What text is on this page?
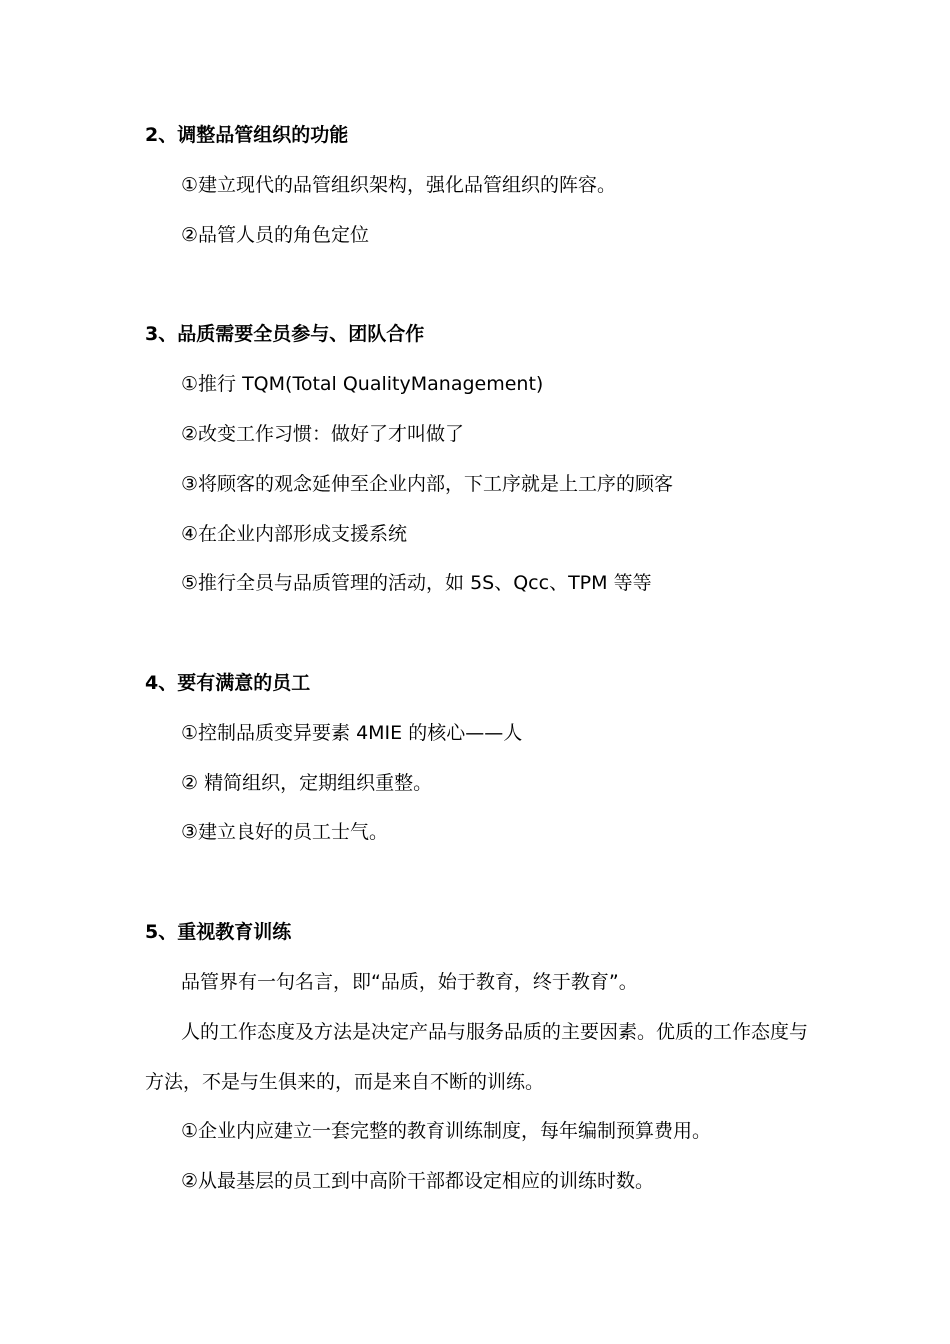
2、调整品管组织的功能
①建立现代的品管组织架构，强化品管组织的阵容。
②品管人员的角色定位
3、品质需要全员参与、团队合作
①推行 TQM(Total QualityManagement)
②改变工作习惯：做好了才叫做了
③将顾客的观念延伸至企业内部，下工序就是上工序的顾客
④在企业内部形成支援系统
⑤推行全员与品质管理的活动，如 5S、Qcc、TPM 等等
4、要有满意的员工
①控制品质变异要素 4MIE 的核心——人
② 精简组织，定期组织重整。
③建立良好的员工士气。
5、重视教育训练
品管界有一句名言，即“品质，始于教育，终于教育”。
人的工作态度及方法是决定产品与服务品质的主要因素。优质的工作态度与
方法，不是与生俱来的，而是来自不断的训练。
①企业内应建立一套完整的教育训练制度，每年编制预算费用。
②从最基层的员工到中高阶干部都设定相应的训练时数。
